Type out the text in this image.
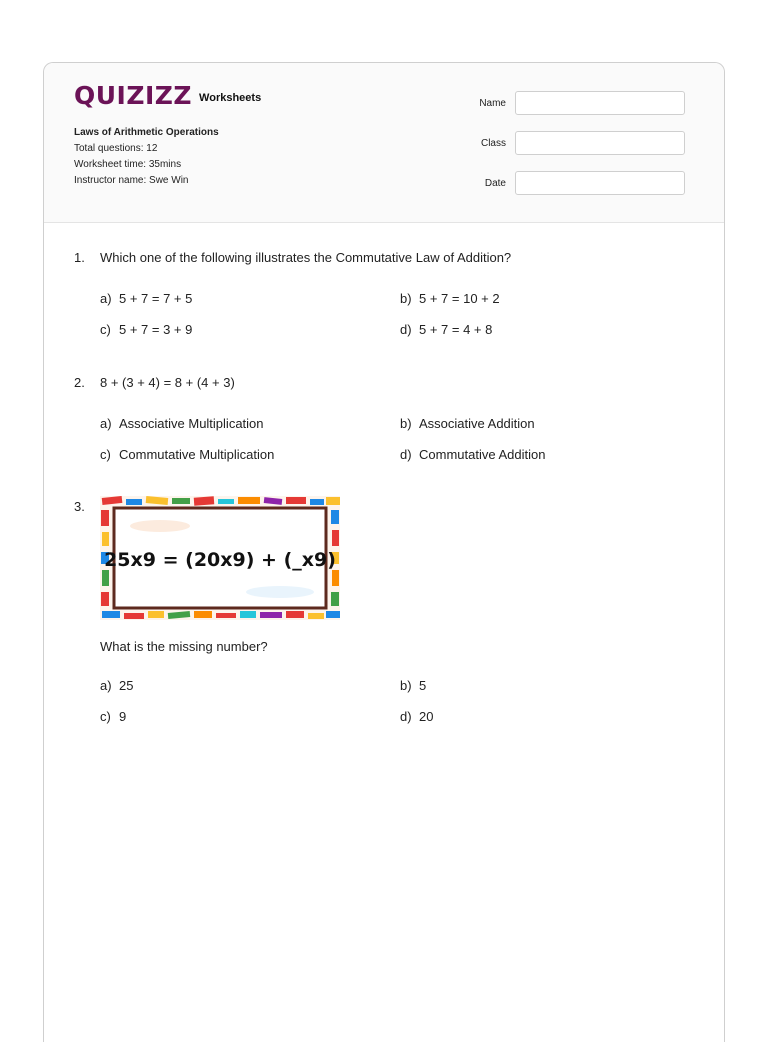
QUIZIZZ Worksheets
Laws of Arithmetic Operations
Total questions: 12
Worksheet time: 35mins
Instructor name: Swe Win
Name
Class
Date
1.	Which one of the following illustrates the Commutative Law of Addition?
a) 5 + 7 = 7 + 5	b) 5 + 7 = 10 + 2
c) 5 + 7 = 3 + 9	d) 5 + 7 = 4 + 8
2.	8 + (3 + 4) = 8 + (4 + 3)
a) Associative Multiplication	b) Associative Addition
c) Commutative Multiplication	d) Commutative Addition
3.
25x9 = (20x9) + (_x9)
What is the missing number?
a) 25	b) 5
c) 9	d) 20
